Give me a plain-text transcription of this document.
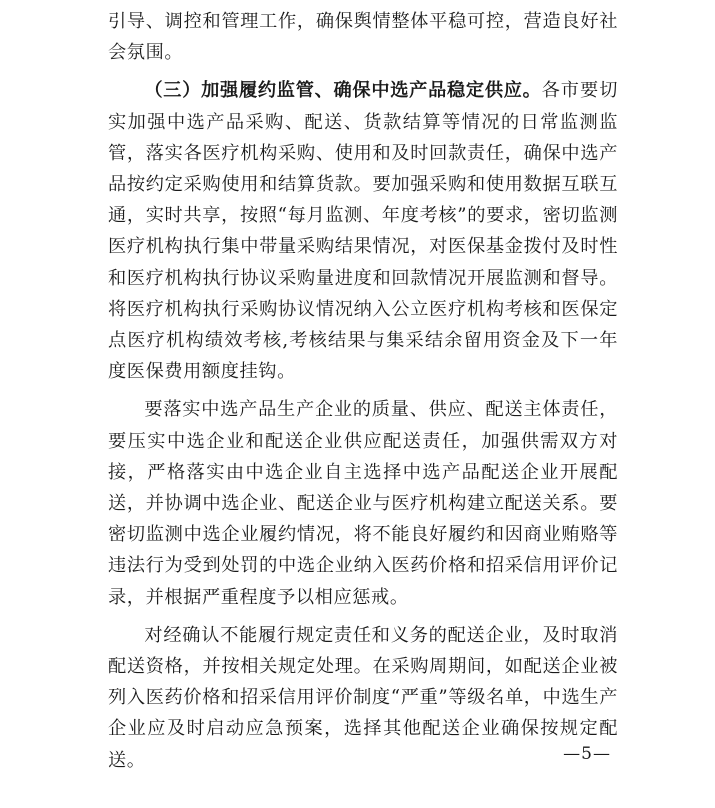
引导、调控和管理工作，确保舆情整体平稳可控，营造良好社会氛围。

（三）加强履约监管、确保中选产品稳定供应。各市要切实加强中选产品采购、配送、货款结算等情况的日常监测监管，落实各医疗机构采购、使用和及时回款责任，确保中选产品按约定采购使用和结算货款。要加强采购和使用数据互联互通，实时共享，按照“每月监测、年度考核”的要求，密切监测医疗机构执行集中带量采购结果情况，对医保基金拨付及时性和医疗机构执行协议采购量进度和回款情况开展监测和督导。将医疗机构执行采购协议情况纳入公立医疗机构考核和医保定点医疗机构绩效考核,考核结果与集采结余留用资金及下一年度医保费用额度挂钩。

要落实中选产品生产企业的质量、供应、配送主体责任，要压实中选企业和配送企业供应配送责任，加强供需双方对接，严格落实由中选企业自主选择中选产品配送企业开展配送，并协调中选企业、配送企业与医疗机构建立配送关系。要密切监测中选企业履约情况，将不能良好履约和因商业贿赂等违法行为受到处罚的中选企业纳入医药价格和招采信用评价记录，并根据严重程度予以相应惩戒。

对经确认不能履行规定责任和义务的配送企业，及时取消配送资格，并按相关规定处理。在采购周期间，如配送企业被列入医药价格和招采信用评价制度“严重”等级名单，中选生产企业应及时启动应急预案，选择其他配送企业确保按规定配送。	—5—
